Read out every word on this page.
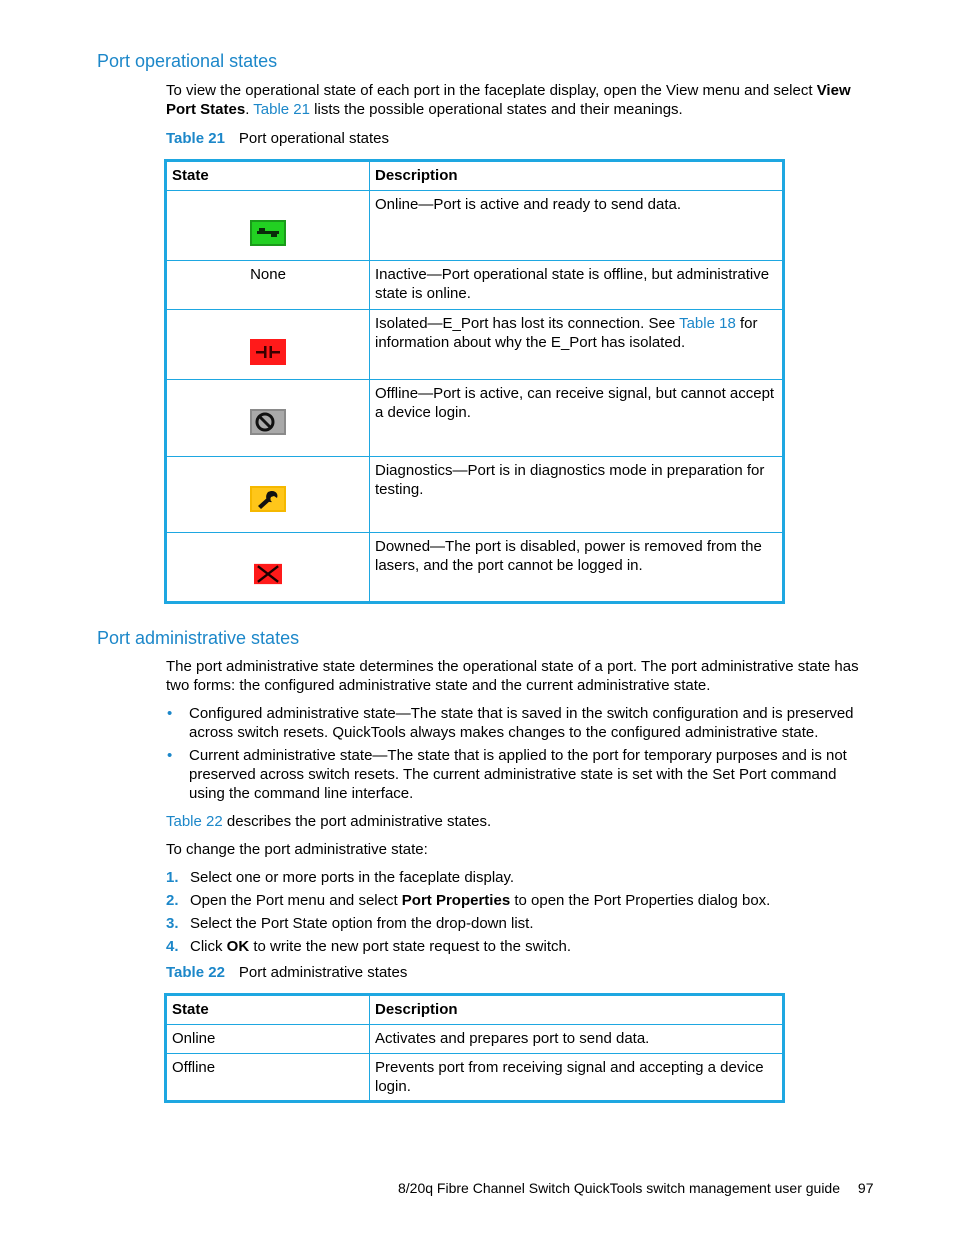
Port operational states

To view the operational state of each port in the faceplate display, open the View menu and select View Port States. Table 21 lists the possible operational states and their meanings.

Table 21 Port operational states
State	Description

	Online—Port is active and ready to send data.
None	Inactive—Port operational state is offline, but administrative state is online.

	Isolated—E_Port has lost its connection. See Table 18 for information about why the E_Port has isolated.

	Offline—Port is active, can receive signal, but cannot accept a device login.

	Diagnostics—Port is in diagnostics mode in preparation for testing.

	Downed—The port is disabled, power is removed from the lasers, and the port cannot be logged in.
Port administrative states

The port administrative state determines the operational state of a port. The port administrative state has two forms: the configured administrative state and the current administrative state.

• Configured administrative state—The state that is saved in the switch configuration and is preserved across switch resets. QuickTools always makes changes to the configured administrative state.
• Current administrative state—The state that is applied to the port for temporary purposes and is not preserved across switch resets. The current administrative state is set with the Set Port command using the command line interface.

Table 22 describes the port administrative states.

To change the port administrative state:

1. Select one or more ports in the faceplate display.
2. Open the Port menu and select Port Properties to open the Port Properties dialog box.
3. Select the Port State option from the drop-down list.
4. Click OK to write the new port state request to the switch.
Table 22 Port administrative states
State	Description
Online	Activates and prepares port to send data.
Offline	Prevents port from receiving signal and accepting a device login.
8/20q Fibre Channel Switch QuickTools switch management user guide 97
